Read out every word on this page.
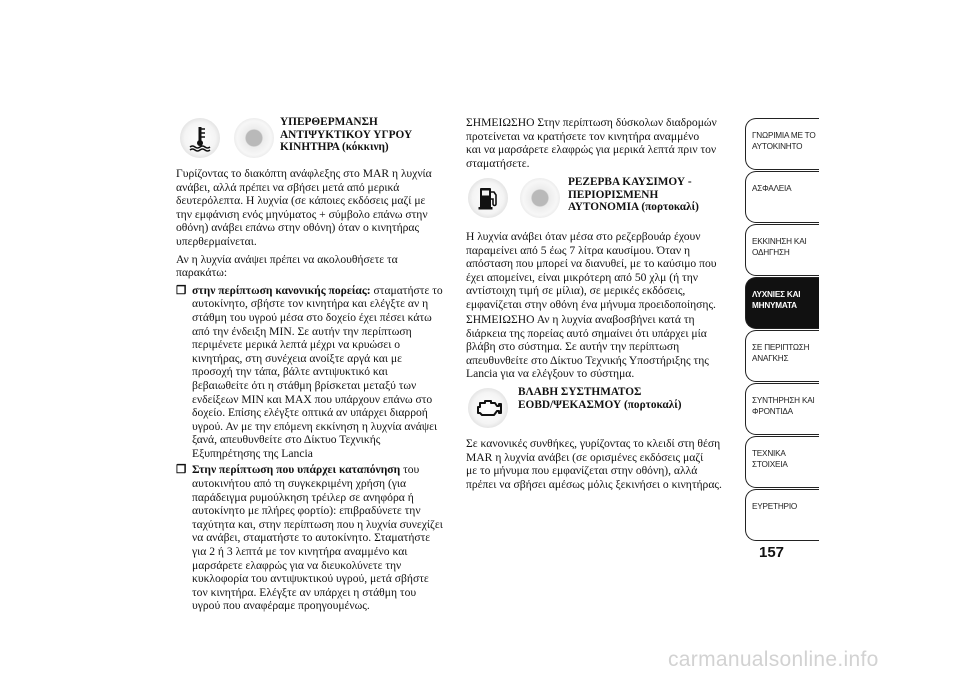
ΥΠΕΡΘΕΡΜΑΝΣΗ
ΑΝΤΙΨΥΚΤΙΚΟΥ ΥΓΡΟΥ
ΚΙΝΗΤΗΡΑ (κόκκινη)

Γυρίζοντας το διακόπτη ανάφλεξης στο MAR η λυχνία
ανάβει, αλλά πρέπει να σβήσει μετά από μερικά
δευτερόλεπτα. Η λυχνία (σε κάποιες εκδόσεις μαζί με
την εμφάνιση ενός μηνύματος + σύμβολο επάνω στην
οθόνη) ανάβει επάνω στην οθόνη) όταν ο κινητήρας
υπερθερμαίνεται.

Αν η λυχνία ανάψει πρέπει να ακολουθήσετε τα
παρακάτω:

❒ στην περίπτωση κανονικής πορείας: σταματήστε το
αυτοκίνητο, σβήστε τον κινητήρα και ελέγξτε αν η
στάθμη του υγρού μέσα στο δοχείο έχει πέσει κάτω
από την ένδειξη MIN. Σε αυτήν την περίπτωση
περιμένετε μερικά λεπτά μέχρι να κρυώσει ο
κινητήρας, στη συνέχεια ανοίξτε αργά και με
προσοχή την τάπα, βάλτε αντιψυκτικό και
βεβαιωθείτε ότι η στάθμη βρίσκεται μεταξύ των
ενδείξεων MIN και MAX που υπάρχουν επάνω στο
δοχείο. Επίσης ελέγξτε οπτικά αν υπάρχει διαρροή
υγρού. Αν με την επόμενη εκκίνηση η λυχνία ανάψει
ξανά, απευθυνθείτε στο Δίκτυο Τεχνικής
Εξυπηρέτησης της Lancia
❒ Στην περίπτωση που υπάρχει καταπόνηση του
αυτοκινήτου από τη συγκεκριμένη χρήση (για
παράδειγμα ρυμούλκηση τρέιλερ σε ανηφόρα ή
αυτοκίνητο με πλήρες φορτίο): επιβραδύνετε την
ταχύτητα και, στην περίπτωση που η λυχνία συνεχίζει
να ανάβει, σταματήστε το αυτοκίνητο. Σταματήστε
για 2 ή 3 λεπτά με τον κινητήρα αναμμένο και
μαρσάρετε ελαφρώς για να διευκολύνετε την
κυκλοφορία του αντιψυκτικού υγρού, μετά σβήστε
τον κινητήρα. Ελέγξτε αν υπάρχει η στάθμη του
υγρού που αναφέραμε προηγουμένως.
ΣΗΜΕΙΩΣΗΟ Στην περίπτωση δύσκολων διαδρομών
προτείνεται να κρατήσετε τον κινητήρα αναμμένο
και να μαρσάρετε ελαφρώς για μερικά λεπτά πριν τον
σταματήσετε.
ΡΕΖΕΡΒΑ ΚΑΥΣΙΜΟΥ -
ΠΕΡΙΟΡΙΣΜΕΝΗ
ΑΥΤΟΝΟΜΙΑ (πορτοκαλί)
Η λυχνία ανάβει όταν μέσα στο ρεζερβουάρ έχουν
παραμείνει από 5 έως 7 λίτρα καυσίμου. Όταν η
απόσταση που μπορεί να διανυθεί, με το καύσιμο που
έχει απομείνει, είναι μικρότερη από 50 χλμ (ή την
αντίστοιχη τιμή σε μίλια), σε μερικές εκδόσεις,
εμφανίζεται στην οθόνη ένα μήνυμα προειδοποίησης.
ΣΗΜΕΙΩΣΗΟ Αν η λυχνία αναβοσβήνει κατά τη
διάρκεια της πορείας αυτό σημαίνει ότι υπάρχει μία
βλάβη στο σύστημα. Σε αυτήν την περίπτωση
απευθυνθείτε στο Δίκτυο Τεχνικής Υποστήριξης της
Lancia για να ελέγξουν το σύστημα.
ΒΛΑΒΗ ΣΥΣΤΗΜΑΤΟΣ
EOBD/ΨΕΚΑΣΜΟΥ (πορτοκαλί)
Σε κανονικές συνθήκες, γυρίζοντας το κλειδί στη θέση
MAR η λυχνία ανάβει (σε ορισμένες εκδόσεις μαζί
με το μήνυμα που εμφανίζεται στην οθόνη), αλλά
πρέπει να σβήσει αμέσως μόλις ξεκινήσει ο κινητήρας.
ΓΝΩΡΙΜΙΑ ΜΕ ΤΟ
ΑΥΤΟΚΙΝΗΤΟ
ΑΣΦΑΛΕΙΑ
ΕΚΚΙΝΗΣΗ ΚΑΙ
ΟΔΗΓΗΣΗ
ΛΥΧΝΙΕΣ ΚΑΙ
ΜΗΝΥΜΑΤΑ
ΣΕ ΠΕΡΙΠΤΩΣΗ
ΑΝΑΓΚΗΣ
ΣΥΝΤΗΡΗΣΗ ΚΑΙ
ΦΡΟΝΤΙΔΑ
ΤΕΧΝΙΚΑ ΣΤΟΙΧΕΙΑ
ΕΥΡΕΤΗΡΙΟ
157
carmanualsonline.info
